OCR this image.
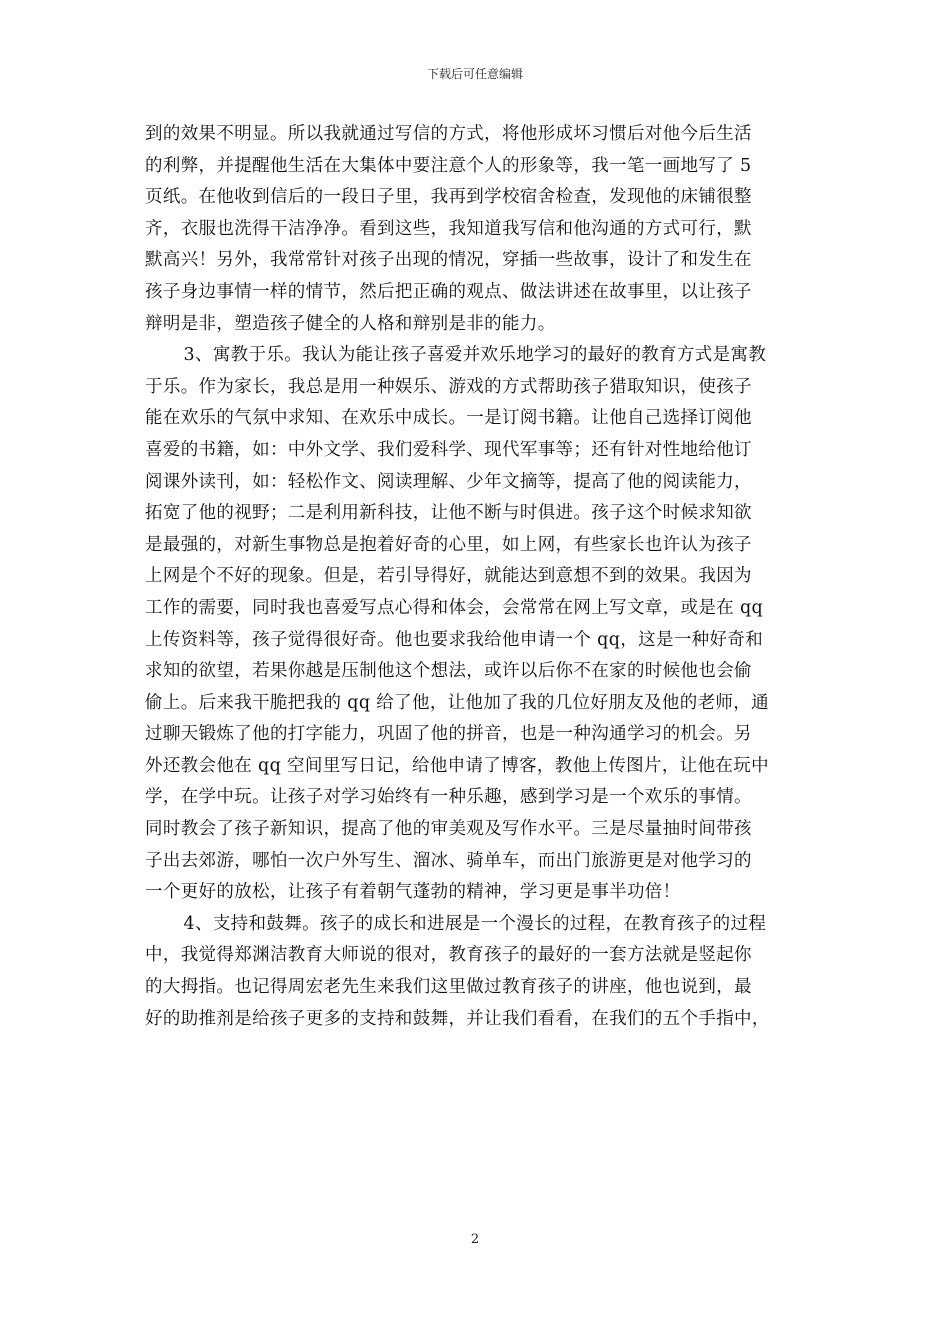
下载后可任意编辑

到的效果不明显。所以我就通过写信的方式，将他形成坏习惯后对他今后生活
的利弊，并提醒他生活在大集体中要注意个人的形象等，我一笔一画地写了 5
页纸。在他收到信后的一段日子里，我再到学校宿舍检查，发现他的床铺很整
齐，衣服也洗得干洁净净。看到这些，我知道我写信和他沟通的方式可行，默
默高兴！另外，我常常针对孩子出现的情况，穿插一些故事，设计了和发生在
孩子身边事情一样的情节，然后把正确的观点、做法讲述在故事里，以让孩子
辩明是非，塑造孩子健全的人格和辩别是非的能力。

3、寓教于乐。我认为能让孩子喜爱并欢乐地学习的最好的教育方式是寓教
于乐。作为家长，我总是用一种娱乐、游戏的方式帮助孩子猎取知识，使孩子
能在欢乐的气氛中求知、在欢乐中成长。一是订阅书籍。让他自己选择订阅他
喜爱的书籍，如：中外文学、我们爱科学、现代军事等；还有针对性地给他订
阅课外读刊，如：轻松作文、阅读理解、少年文摘等，提高了他的阅读能力，
拓宽了他的视野；二是利用新科技，让他不断与时俱进。孩子这个时候求知欲
是最强的，对新生事物总是抱着好奇的心里，如上网，有些家长也许认为孩子
上网是个不好的现象。但是，若引导得好，就能达到意想不到的效果。我因为
工作的需要，同时我也喜爱写点心得和体会，会常常在网上写文章，或是在 qq
上传资料等，孩子觉得很好奇。他也要求我给他申请一个 qq，这是一种好奇和
求知的欲望，若果你越是压制他这个想法，或许以后你不在家的时候他也会偷
偷上。后来我干脆把我的 qq 给了他，让他加了我的几位好朋友及他的老师，通
过聊天锻炼了他的打字能力，巩固了他的拼音，也是一种沟通学习的机会。另
外还教会他在 qq 空间里写日记，给他申请了博客，教他上传图片，让他在玩中
学，在学中玩。让孩子对学习始终有一种乐趣，感到学习是一个欢乐的事情。
同时教会了孩子新知识，提高了他的审美观及写作水平。三是尽量抽时间带孩
子出去郊游，哪怕一次户外写生、溜冰、骑单车，而出门旅游更是对他学习的
一个更好的放松，让孩子有着朝气蓬勃的精神，学习更是事半功倍！

4、支持和鼓舞。孩子的成长和进展是一个漫长的过程，在教育孩子的过程
中，我觉得郑渊洁教育大师说的很对，教育孩子的最好的一套方法就是竖起你
的大拇指。也记得周宏老先生来我们这里做过教育孩子的讲座，他也说到，最
好的助推剂是给孩子更多的支持和鼓舞，并让我们看看，在我们的五个手指中，

2
